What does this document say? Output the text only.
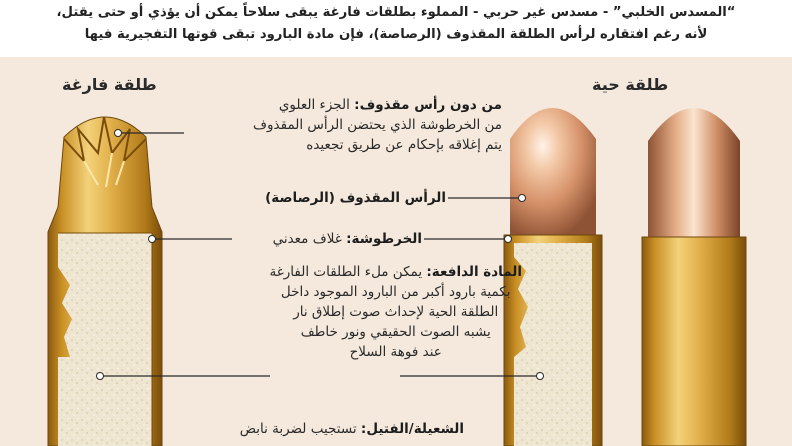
“المسدس الخلبي” - مسدس غير حربي - المملوء بطلقات فارغة يبقى سلاحاً يمكن أن يؤذي أو حتى يقتل،
لأنه رغم افتقاره لرأس الطلقة المقذوف (الرصاصة)، فإن مادة البارود تبقى قوتها التفجيرية فيها
طلقة فارغة	طلقة حية
من دون رأس مقذوف: الجزء العلوي
من الخرطوشة الذي يحتضن الرأس المقذوف
يتم إغلاقه بإحكام عن طريق تجعيده
الرأس المقذوف (الرصاصة)
الخرطوشة: غلاف معدني
المادة الدافعة: يمكن ملء الطلقات الفارغة
بكمية بارود أكبر من البارود الموجود داخل
الطلقة الحية لإحداث صوت إطلاق نار
يشبه الصوت الحقيقي ونور خاطف
عند فوهة السلاح
الشعيلة/الفتيل: تستجيب لضربة نابض
